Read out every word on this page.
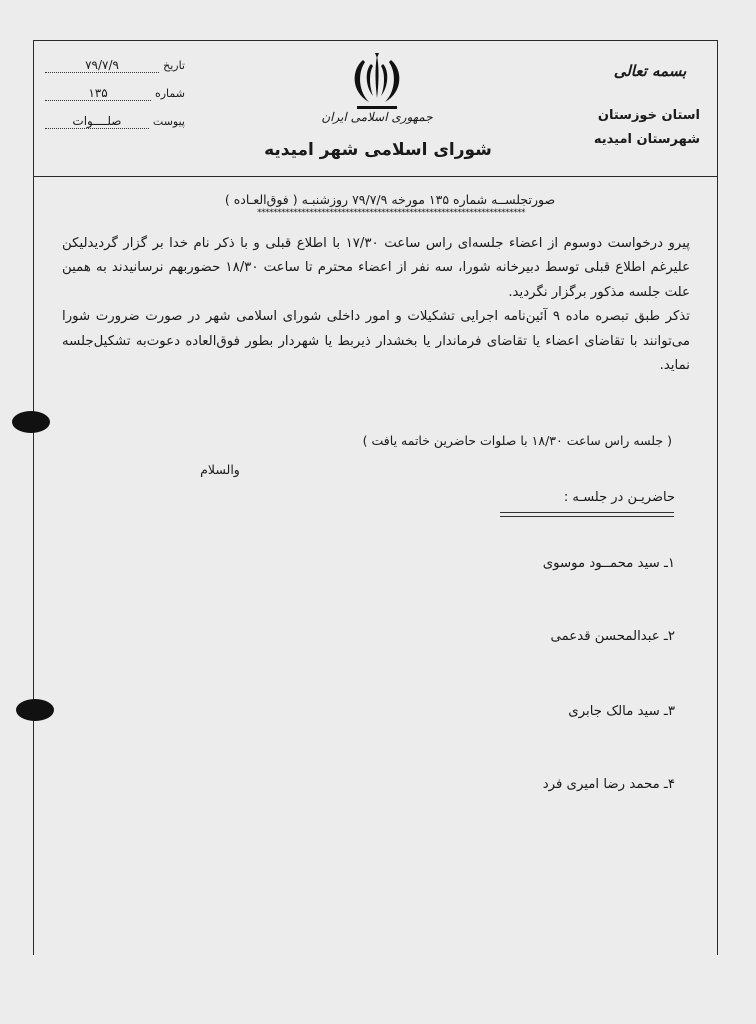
تاریخ
۷۹/۷/۹
شماره
۱۳۵
پیوست
صلــــوات	جمهوری اسلامی ایران
شورای اسلامی شهر امیدیه
بسمه تعالی
استان خوزستان
شهرستان امیدیه
صورتجلســه شماره ۱۳۵ مورخه ۷۹/۷/۹ روزشنبـه ( فوق‌العـاده )
*******************************************************************

پیرو درخواست دوسوم از اعضاء جلسه‌ای راس ساعت ۱۷/۳۰ با اطلاع قبلی و با ذکر نام خدا بر گزار گردیدلیکن علیرغم اطلاع قبلی توسط دبیرخانه شورا، سه نفر از اعضاء محترم تا ساعت ۱۸/۳۰ حضوربهم نرسانیدند به همین علت جلسه مذکور برگزار نگردید.

تذکر طبق تبصره ماده ۹ آئین‌نامه اجرایی تشکیلات و امور داخلی شورای اسلامی شهر در صورت ضرورت شورا می‌توانند با تقاضای اعضاء یا تقاضای فرماندار یا بخشدار ذیربط یا شهردار بطور فوق‌العاده دعوت‌به تشکیل‌جلسه نماید.

( جلسه راس ساعت ۱۸/۳۰ با صلوات حاضرین خاتمه یافت )
والسلام
حاضریـن در جلسـه :
۱ـ سید محمــود موسوی
۲ـ عبدالمحسن قدعمی
۳ـ سید مالک جابری
۴ـ محمد رضا امیری فرد
